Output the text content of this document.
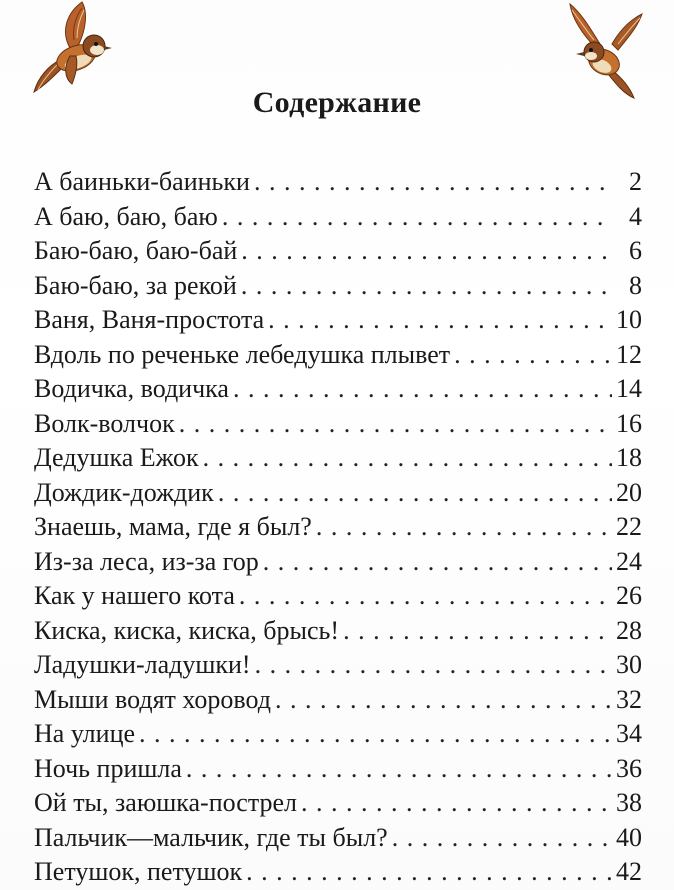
Содержание
А баиньки-баиньки . . .	2
А баю, баю, баю . . .	4
Баю-баю, баю-бай . . .	6
Баю-баю, за рекой . . .	8
Ваня, Ваня-простота . . .	10
Вдоль по реченьке лебедушка плывет . . .	12
Водичка, водичка . . .	14
Волк-волчок . . .	16
Дедушка Ежок . . .	18
Дождик-дождик . . .	20
Знаешь, мама, где я был? . . .	22
Из-за леса, из-за гор . . .	24
Как у нашего кота . . .	26
Киска, киска, киска, брысь! . . .	28
Ладушки-ладушки! . . .	30
Мыши водят хоровод . . .	32
На улице . . .	34
Ночь пришла . . .	36
Ой ты, заюшка-пострел . . .	38
Пальчик—мальчик, где ты был? . . .	40
Петушок, петушок . . .	42
